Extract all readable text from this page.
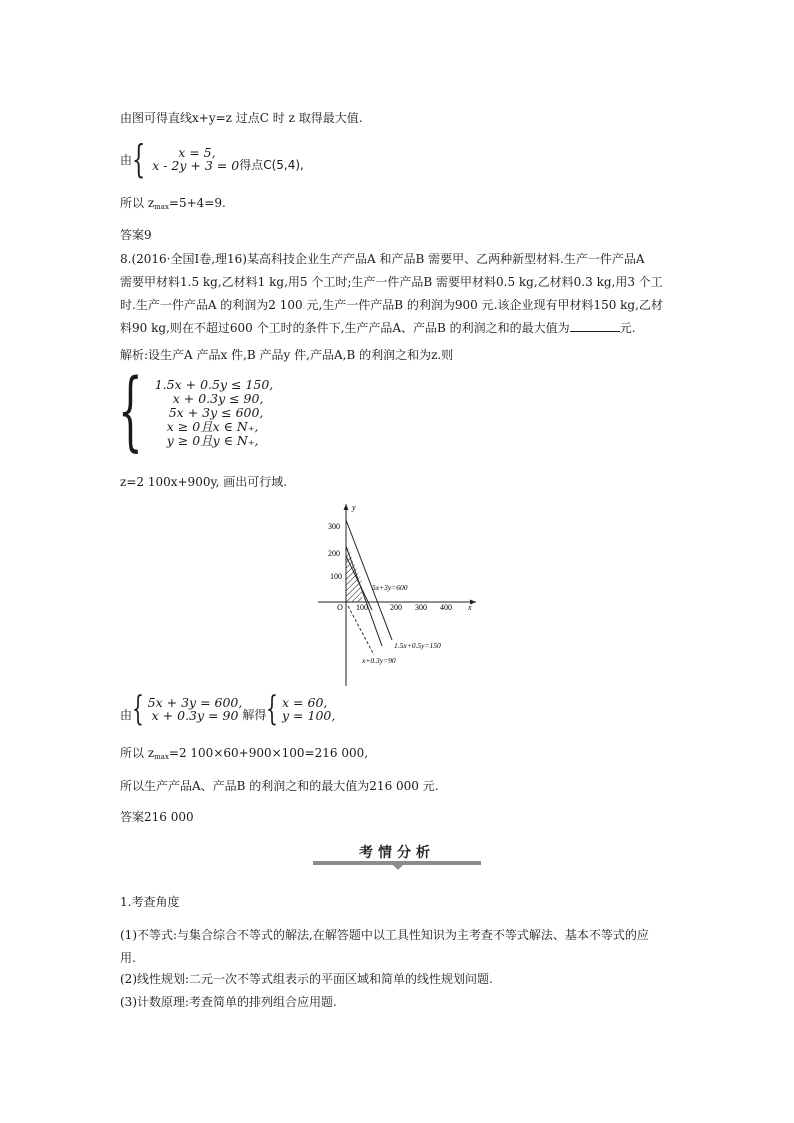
由图可得直线x+y=z 过点C 时 z 取得最大值.
由 {	x = 5,
x - 2y + 3 = 0 得点C(5,4),
所以 $z_{max}=5+4=9$.
答案9
8.(2016·全国Ⅰ卷,理16)某高科技企业生产产品A 和产品B 需要甲、乙两种新型材料.生产一件产品A
需要甲材料1.5 kg,乙材料1 kg,用5 个工时;生产一件产品B 需要甲材料0.5 kg,乙材料0.3 kg,用3 个工
时.生产一件产品A 的利润为2 100 元,生产一件产品B 的利润为900 元.该企业现有甲材料150 kg,乙材
料90 kg,则在不超过600 个工时的条件下,生产产品A、产品B 的利润之和的最大值为	元.
解析:设生产A 产品x 件,B 产品y 件,产品A,B 的利润之和为z.则
{ 1.5x + 0.5y ≤ 150,
x + 0.3y ≤ 90,
5x + 3y ≤ 600,
x ≥ 0且x ∈ N₊,
y ≥ 0且y ∈ N₊,
z=2 100x+900y, 画出可行域.
y
x
O
300
200
100
100	200 300 400
5x+3y=600
1.5x+0.5y=150
x+0.3y=90
由 { 5x + 3y = 600,
x + 0.3y = 90 解得 { x = 60,
y = 100,
所以 $z_{max}=2$ 100×60+900×100=216 000,
所以生产产品A、产品B 的利润之和的最大值为216 000 元.
答案216 000
考情分析
1.考查角度
(1)不等式:与集合综合不等式的解法,在解答题中以工具性知识为主考查不等式解法、基本不等式的应
用.
(2)线性规划:二元一次不等式组表示的平面区域和简单的线性规划问题.
(3)计数原理:考查简单的排列组合应用题.
